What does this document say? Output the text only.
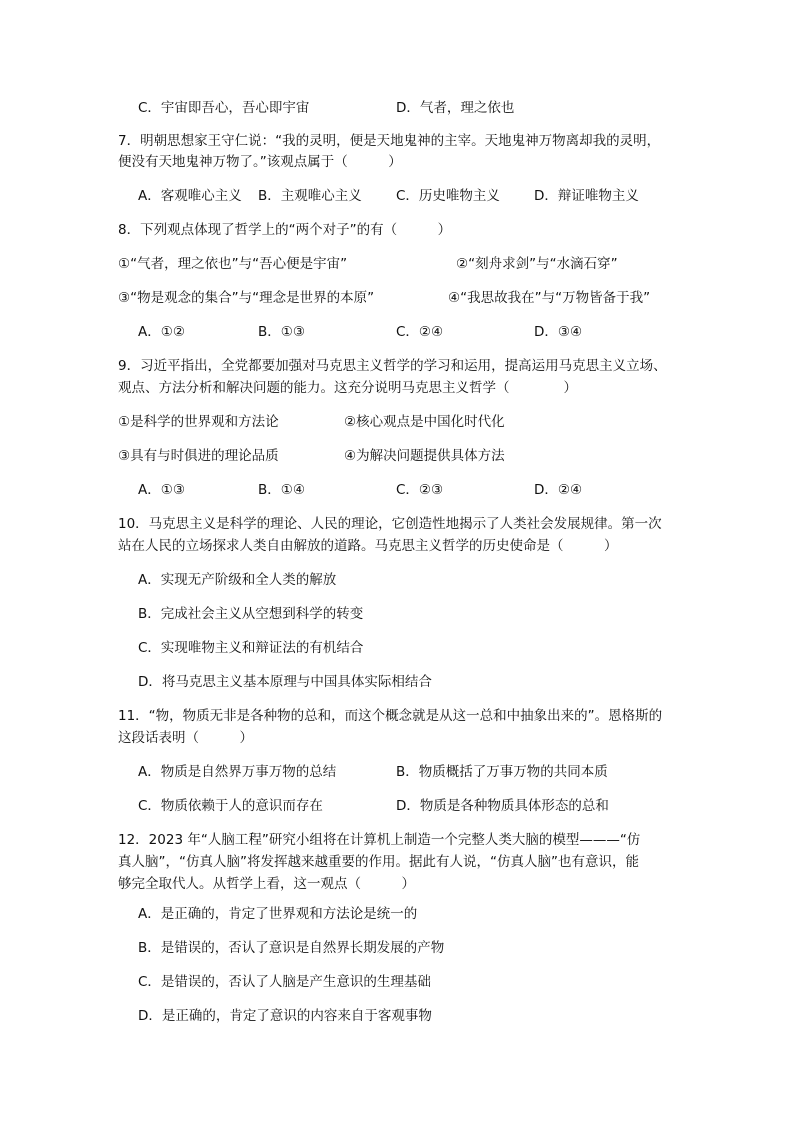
C．宇宙即吾心，吾心即宇宙	D．气者，理之依也
7．明朝思想家王守仁说：“我的灵明，便是天地鬼神的主宰。天地鬼神万物离却我的灵明，
便没有天地鬼神万物了。”该观点属于（　　　）
A．客观唯心主义 B．主观唯心主义	C．历史唯物主义	D．辩证唯物主义
8．下列观点体现了哲学上的“两个对子”的有（　　　）
①“气者，理之依也”与“吾心便是宇宙”	②“刻舟求剑”与“水滴石穿”
③“物是观念的集合”与“理念是世界的本原”	④“我思故我在”与“万物皆备于我”
A．①②	B．①③	C．②④	D．③④
9．习近平指出，全党都要加强对马克思主义哲学的学习和运用，提高运用马克思主义立场、
观点、方法分析和解决问题的能力。这充分说明马克思主义哲学（　　　　）
①是科学的世界观和方法论	②核心观点是中国化时代化
③具有与时俱进的理论品质	④为解决问题提供具体方法
A．①③	B．①④	C．②③	D．②④
10．马克思主义是科学的理论、人民的理论，它创造性地揭示了人类社会发展规律。第一次
站在人民的立场探求人类自由解放的道路。马克思主义哲学的历史使命是（　　　）
A．实现无产阶级和全人类的解放
B．完成社会主义从空想到科学的转变
C．实现唯物主义和辩证法的有机结合
D．将马克思主义基本原理与中国具体实际相结合
11．“物，物质无非是各种物的总和，而这个概念就是从这一总和中抽象出来的”。恩格斯的
这段话表明（　　　）
A．物质是自然界万事万物的总结	B．物质概括了万事万物的共同本质
C．物质依赖于人的意识而存在	D．物质是各种物质具体形态的总和
12．2023 年“人脑工程”研究小组将在计算机上制造一个完整人类大脑的模型———“仿
真人脑”，“仿真人脑”将发挥越来越重要的作用。据此有人说，“仿真人脑”也有意识，能
够完全取代人。从哲学上看，这一观点（　　　）
A．是正确的，肯定了世界观和方法论是统一的
B．是错误的，否认了意识是自然界长期发展的产物
C．是错误的，否认了人脑是产生意识的生理基础
D．是正确的，肯定了意识的内容来自于客观事物
